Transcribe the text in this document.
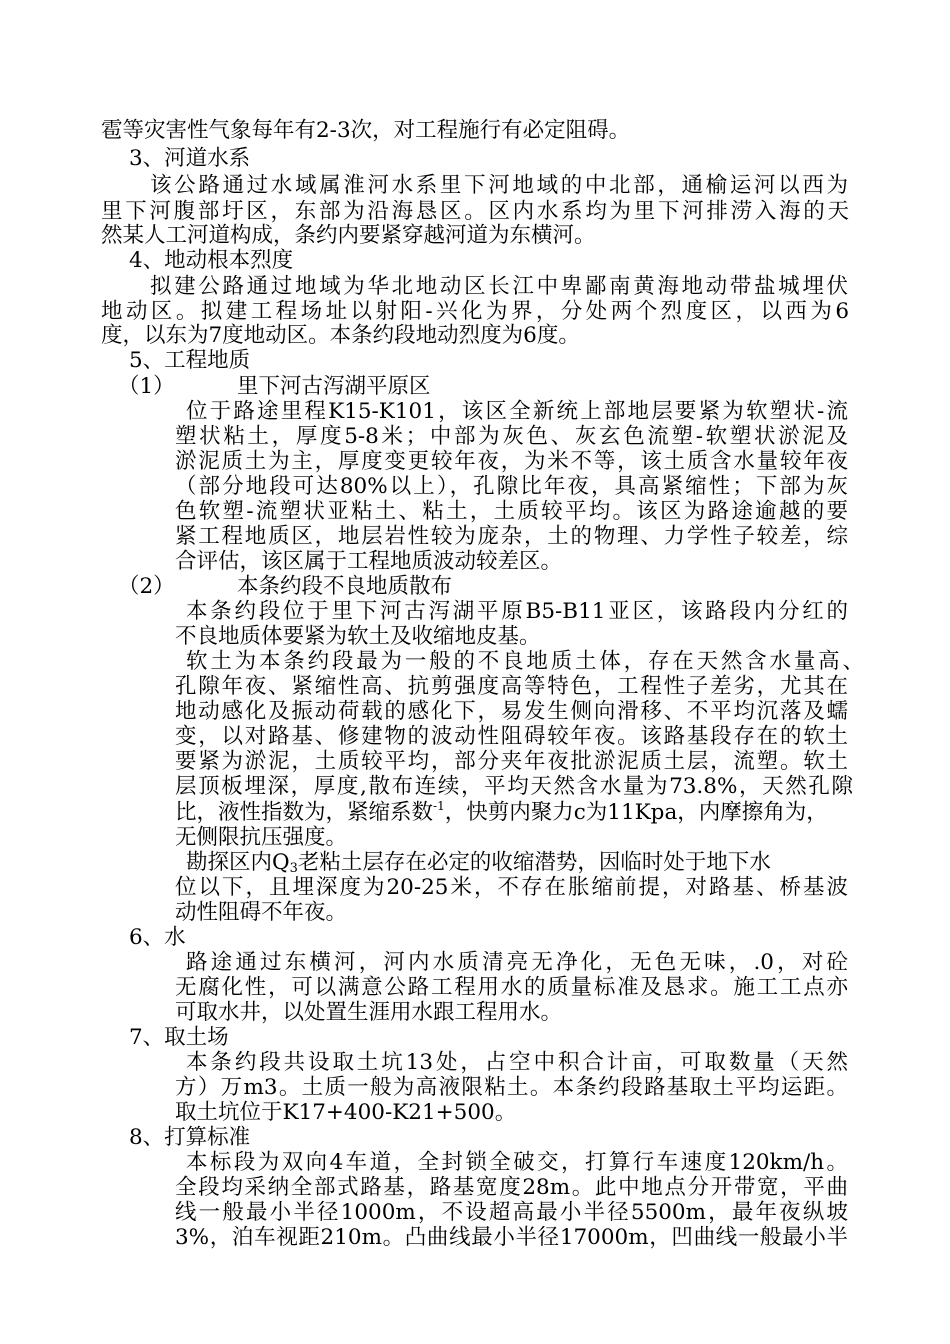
雹等灾害性气象每年有2-3次，对工程施行有必定阻碍。
3、河道水系
该公路通过水域属淮河水系里下河地域的中北部，通榆运河以西为
里下河腹部圩区，东部为沿海恳区。区内水系均为里下河排涝入海的天
然某人工河道构成，条约内要紧穿越河道为东横河。
4、地动根本烈度
拟建公路通过地域为华北地动区长江中卑鄙南黄海地动带盐城埋伏
地动区。拟建工程场址以射阳-兴化为界，分处两个烈度区，以西为6
度，以东为7度地动区。本条约段地动烈度为6度。
5、工程地质
（1）	里下河古泻湖平原区
位于路途里程K15-K101，该区全新统上部地层要紧为软塑状-流
塑状粘土，厚度5-8米；中部为灰色、灰玄色流塑-软塑状淤泥及
淤泥质土为主，厚度变更较年夜，为米不等，该土质含水量较年夜
（部分地段可达80%以上），孔隙比年夜，具高紧缩性；下部为灰
色软塑-流塑状亚粘土、粘土，土质较平均。该区为路途逾越的要
紧工程地质区，地层岩性较为庞杂，土的物理、力学性子较差，综
合评估，该区属于工程地质波动较差区。
（2）	本条约段不良地质散布
本条约段位于里下河古泻湖平原B5-B11亚区，该路段内分红的
不良地质体要紧为软土及收缩地皮基。
软土为本条约段最为一般的不良地质土体，存在天然含水量高、
孔隙年夜、紧缩性高、抗剪强度高等特色，工程性子差劣，尤其在
地动感化及振动荷载的感化下，易发生侧向滑移、不平均沉落及蠕
变，以对路基、修建物的波动性阻碍较年夜。该路基段存在的软土
要紧为淤泥，土质较平均，部分夹年夜批淤泥质土层，流塑。软土
层顶板埋深，厚度,散布连续，平均天然含水量为73.8%，天然孔隙
比，液性指数为，紧缩系数$^{-1}$，快剪内聚力c为11Kpa，内摩擦角为，
无侧限抗压强度。
勘探区内$Q_3$老粘土层存在必定的收缩潜势，因临时处于地下水
位以下，且埋深度为20-25米，不存在胀缩前提，对路基、桥基波
动性阻碍不年夜。
6、水
路途通过东横河，河内水质清亮无净化，无色无味，.0，对砼
无腐化性，可以满意公路工程用水的质量标准及恳求。施工工点亦
可取水井，以处置生涯用水跟工程用水。
7、取土场
本条约段共设取土坑13处，占空中积合计亩，可取数量（天然
方）万m3。土质一般为高液限粘土。本条约段路基取土平均运距。
取土坑位于K17+400-K21+500。
8、打算标准
本标段为双向4车道，全封锁全破交，打算行车速度120km/h。
全段均采纳全部式路基，路基宽度28m。此中地点分开带宽，平曲
线一般最小半径1000m，不设超高最小半径5500m，最年夜纵坡
3%，泊车视距210m。凸曲线最小半径17000m，凹曲线一般最小半
